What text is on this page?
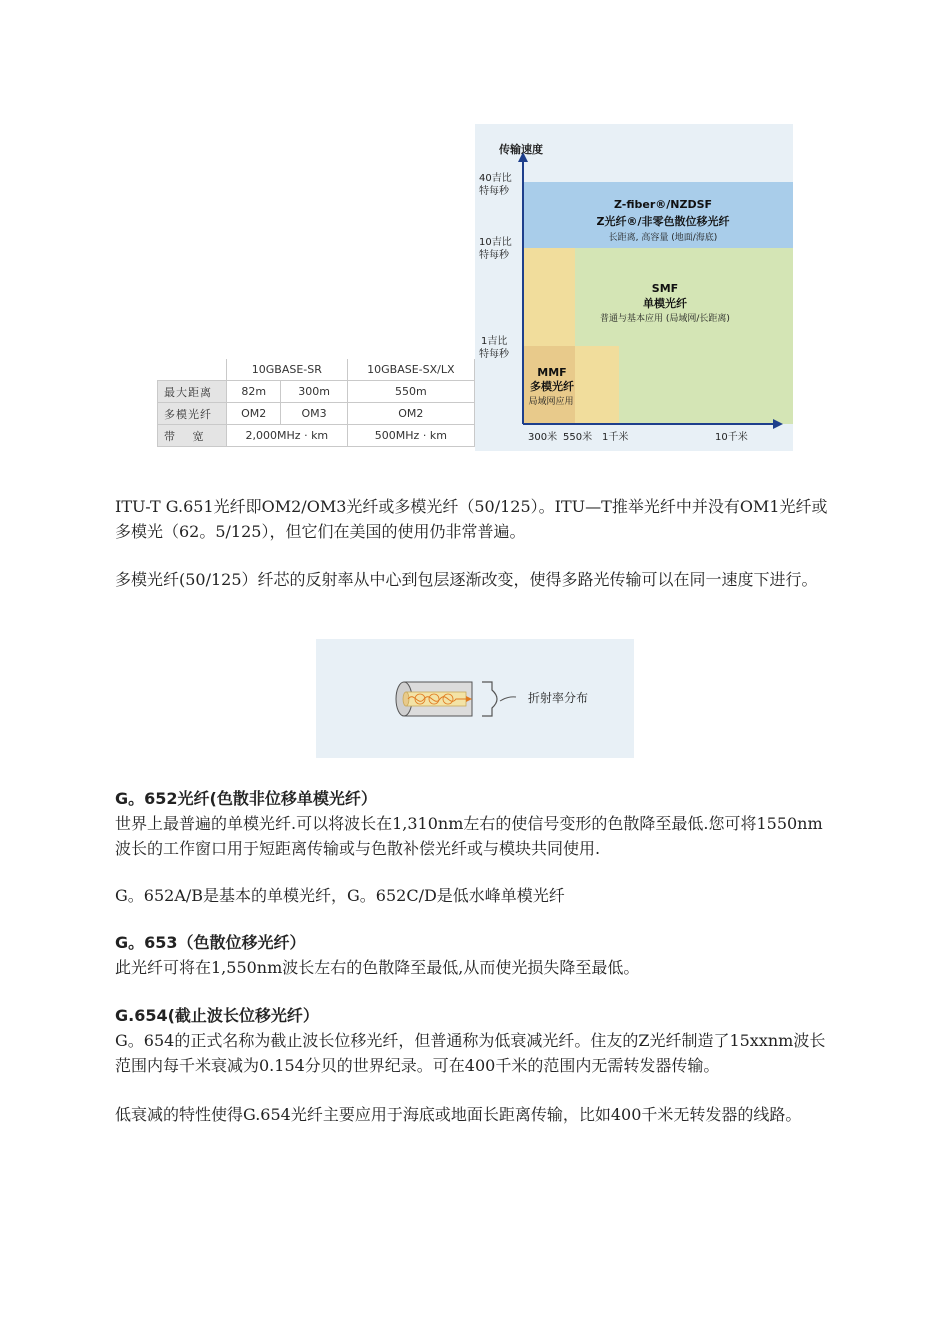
	10GBASE-SR		10GBASE-SX/LX
最大距离	82m	300m	550m
多模光纤	OM2	OM3	OM2
带　 宽	2,000MHz · km		500MHz · km
传输速度
40吉比
特每秒
10吉比
特每秒
1吉比
特每秒
300米 550米 1千米	10千米
Z-fiber®/NZDSF
Z光纤®/非零色散位移光纤
长距离, 高容量 (地面/海底)
SMF
单模光纤
普通与基本应用 (局域网/长距离)
MMF
多模光纤
局域网应用
ITU-T G.651光纤即OM2/OM3光纤或多模光纤（50/125）。ITU—T推举光纤中并没有OM1光纤或多模光（62。5/125），但它们在美国的使用仍非常普遍。
多模光纤(50/125）纤芯的反射率从中心到包层逐渐改变，使得多路光传输可以在同一速度下进行。
折射率分布
G。652光纤(色散非位移单模光纤）
世界上最普遍的单模光纤.可以将波长在1,310nm左右的使信号变形的色散降至最低.您可将1550nm波长的工作窗口用于短距离传输或与色散补偿光纤或与模块共同使用.
G。652A/B是基本的单模光纤，G。652C/D是低水峰单模光纤
G。653（色散位移光纤）
此光纤可将在1,550nm波长左右的色散降至最低,从而使光损失降至最低。
G.654(截止波长位移光纤）
G。654的正式名称为截止波长位移光纤，但普通称为低衰减光纤。住友的Z光纤制造了15xxnm波长范围内每千米衰减为0.154分贝的世界纪录。可在400千米的范围内无需转发器传输。
低衰减的特性使得G.654光纤主要应用于海底或地面长距离传输，比如400千米无转发器的线路。
